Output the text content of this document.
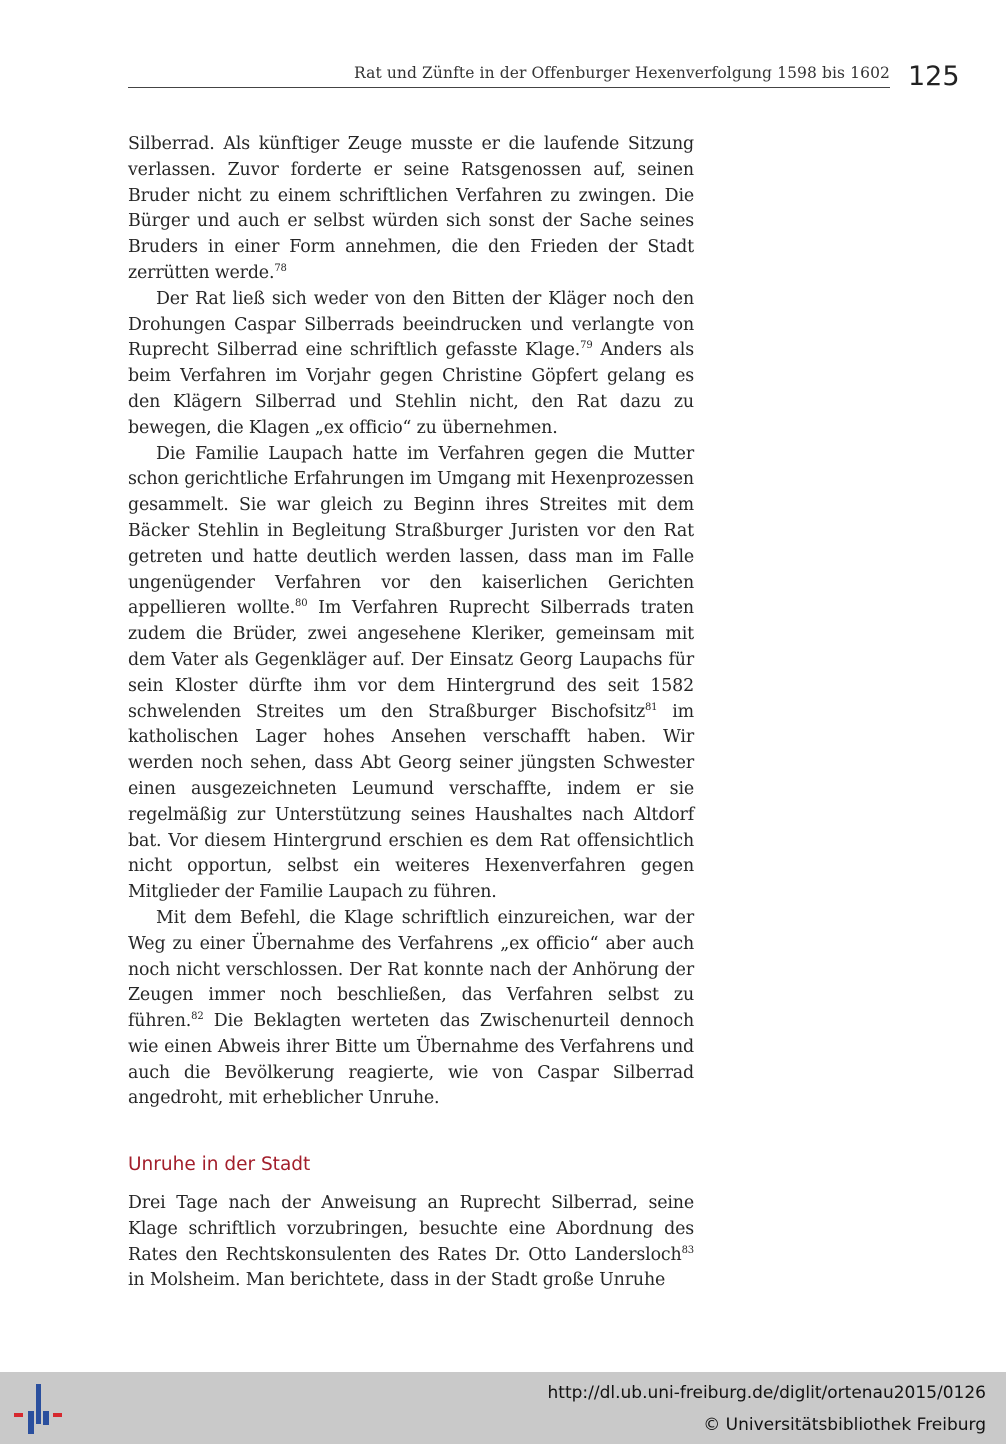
Rat und Zünfte in der Offenburger Hexenverfolgung 1598 bis 1602 125

Silberrad. Als künftiger Zeuge musste er die laufende Sitzung verlassen. Zuvor forderte er seine Ratsgenossen auf, seinen Bruder nicht zu einem schriftlichen Verfahren zu zwingen. Die Bürger und auch er selbst würden sich sonst der Sache seines Bruders in einer Form annehmen, die den Frieden der Stadt zerrütten werde.$^{78}$

Der Rat ließ sich weder von den Bitten der Kläger noch den Drohungen Caspar Silberrads beeindrucken und verlangte von Ruprecht Silberrad eine schriftlich gefasste Klage.$^{79}$ Anders als beim Verfahren im Vorjahr gegen Christine Göpfert gelang es den Klägern Silberrad und Stehlin nicht, den Rat dazu zu bewegen, die Klagen „ex officio“ zu übernehmen.

Die Familie Laupach hatte im Verfahren gegen die Mutter schon gerichtliche Erfahrungen im Umgang mit Hexenprozessen gesammelt. Sie war gleich zu Beginn ihres Streites mit dem Bäcker Stehlin in Begleitung Straßburger Juristen vor den Rat getreten und hatte deutlich werden lassen, dass man im Falle ungenügender Verfahren vor den kaiserlichen Gerichten appellieren wollte.$^{80}$ Im Verfahren Ruprecht Silberrads traten zudem die Brüder, zwei angesehene Kleriker, gemeinsam mit dem Vater als Gegenkläger auf. Der Einsatz Georg Laupachs für sein Kloster dürfte ihm vor dem Hintergrund des seit 1582 schwelenden Streites um den Straßburger Bischofsitz$^{81}$ im katholischen Lager hohes Ansehen verschafft haben. Wir werden noch sehen, dass Abt Georg seiner jüngsten Schwester einen ausgezeichneten Leumund verschaffte, indem er sie regelmäßig zur Unterstützung seines Haushaltes nach Altdorf bat. Vor diesem Hintergrund erschien es dem Rat offensichtlich nicht opportun, selbst ein weiteres Hexenverfahren gegen Mitglieder der Familie Laupach zu führen.

Mit dem Befehl, die Klage schriftlich einzureichen, war der Weg zu einer Übernahme des Verfahrens „ex officio“ aber auch noch nicht verschlossen. Der Rat konnte nach der Anhörung der Zeugen immer noch beschließen, das Verfahren selbst zu führen.$^{82}$ Die Beklagten werteten das Zwischenurteil dennoch wie einen Abweis ihrer Bitte um Übernahme des Verfahrens und auch die Bevölkerung reagierte, wie von Caspar Silberrad angedroht, mit erheblicher Unruhe.

Unruhe in der Stadt

Drei Tage nach der Anweisung an Ruprecht Silberrad, seine Klage schriftlich vorzubringen, besuchte eine Abordnung des Rates den Rechtskonsulenten des Rates Dr. Otto Landersloch$^{83}$ in Molsheim. Man berichtete, dass in der Stadt große Unruhe

http://dl.ub.uni-freiburg.de/diglit/ortenau2015/0126
© Universitätsbibliothek Freiburg
